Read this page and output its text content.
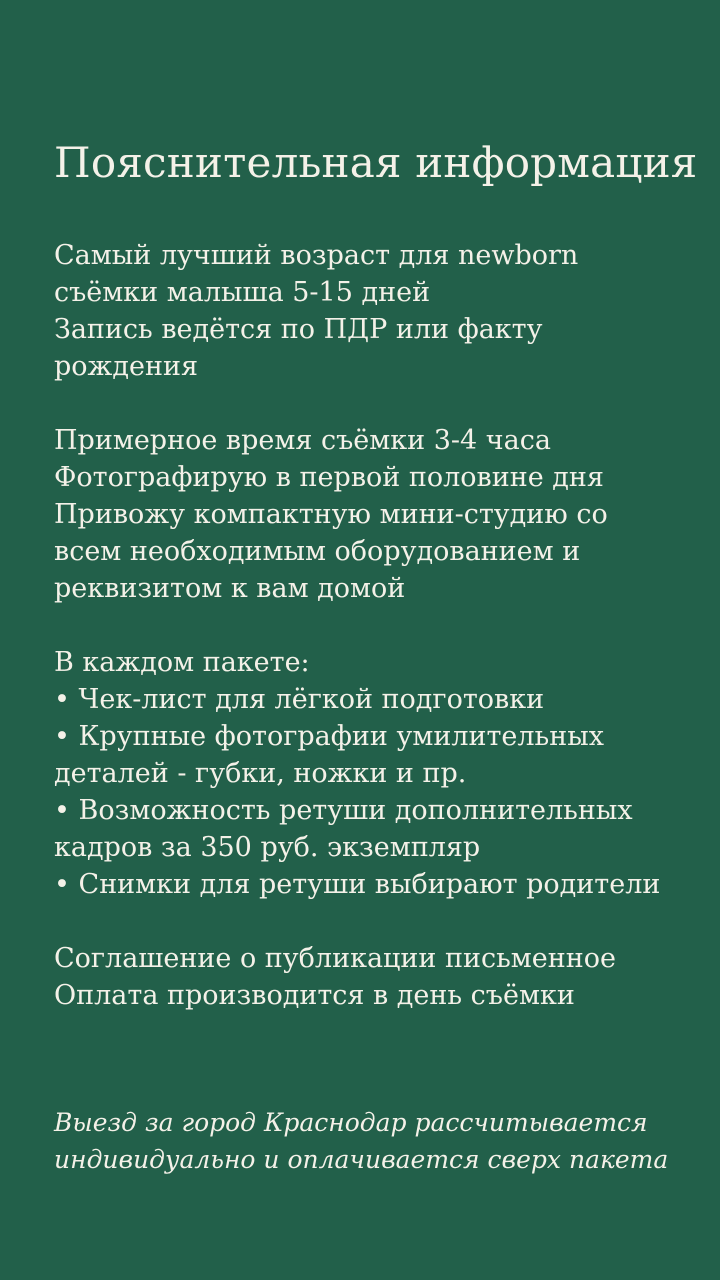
Пояснительная информация

Самый лучший возраст для newborn
съёмки малыша 5-15 дней
Запись ведётся по ПДР или факту
рождения

Примерное время съёмки 3-4 часа
Фотографирую в первой половине дня
Привожу компактную мини-студию со
всем необходимым оборудованием и
реквизитом к вам домой

В каждом пакете:
• Чек-лист для лёгкой подготовки
• Крупные фотографии умилительных
деталей - губки, ножки и пр.
• Возможность ретуши дополнительных
кадров за 350 руб. экземпляр
• Снимки для ретуши выбирают родители

Соглашение о публикации письменное
Оплата производится в день съёмки

Выезд за город Краснодар рассчитывается
индивидуально и оплачивается сверх пакета
